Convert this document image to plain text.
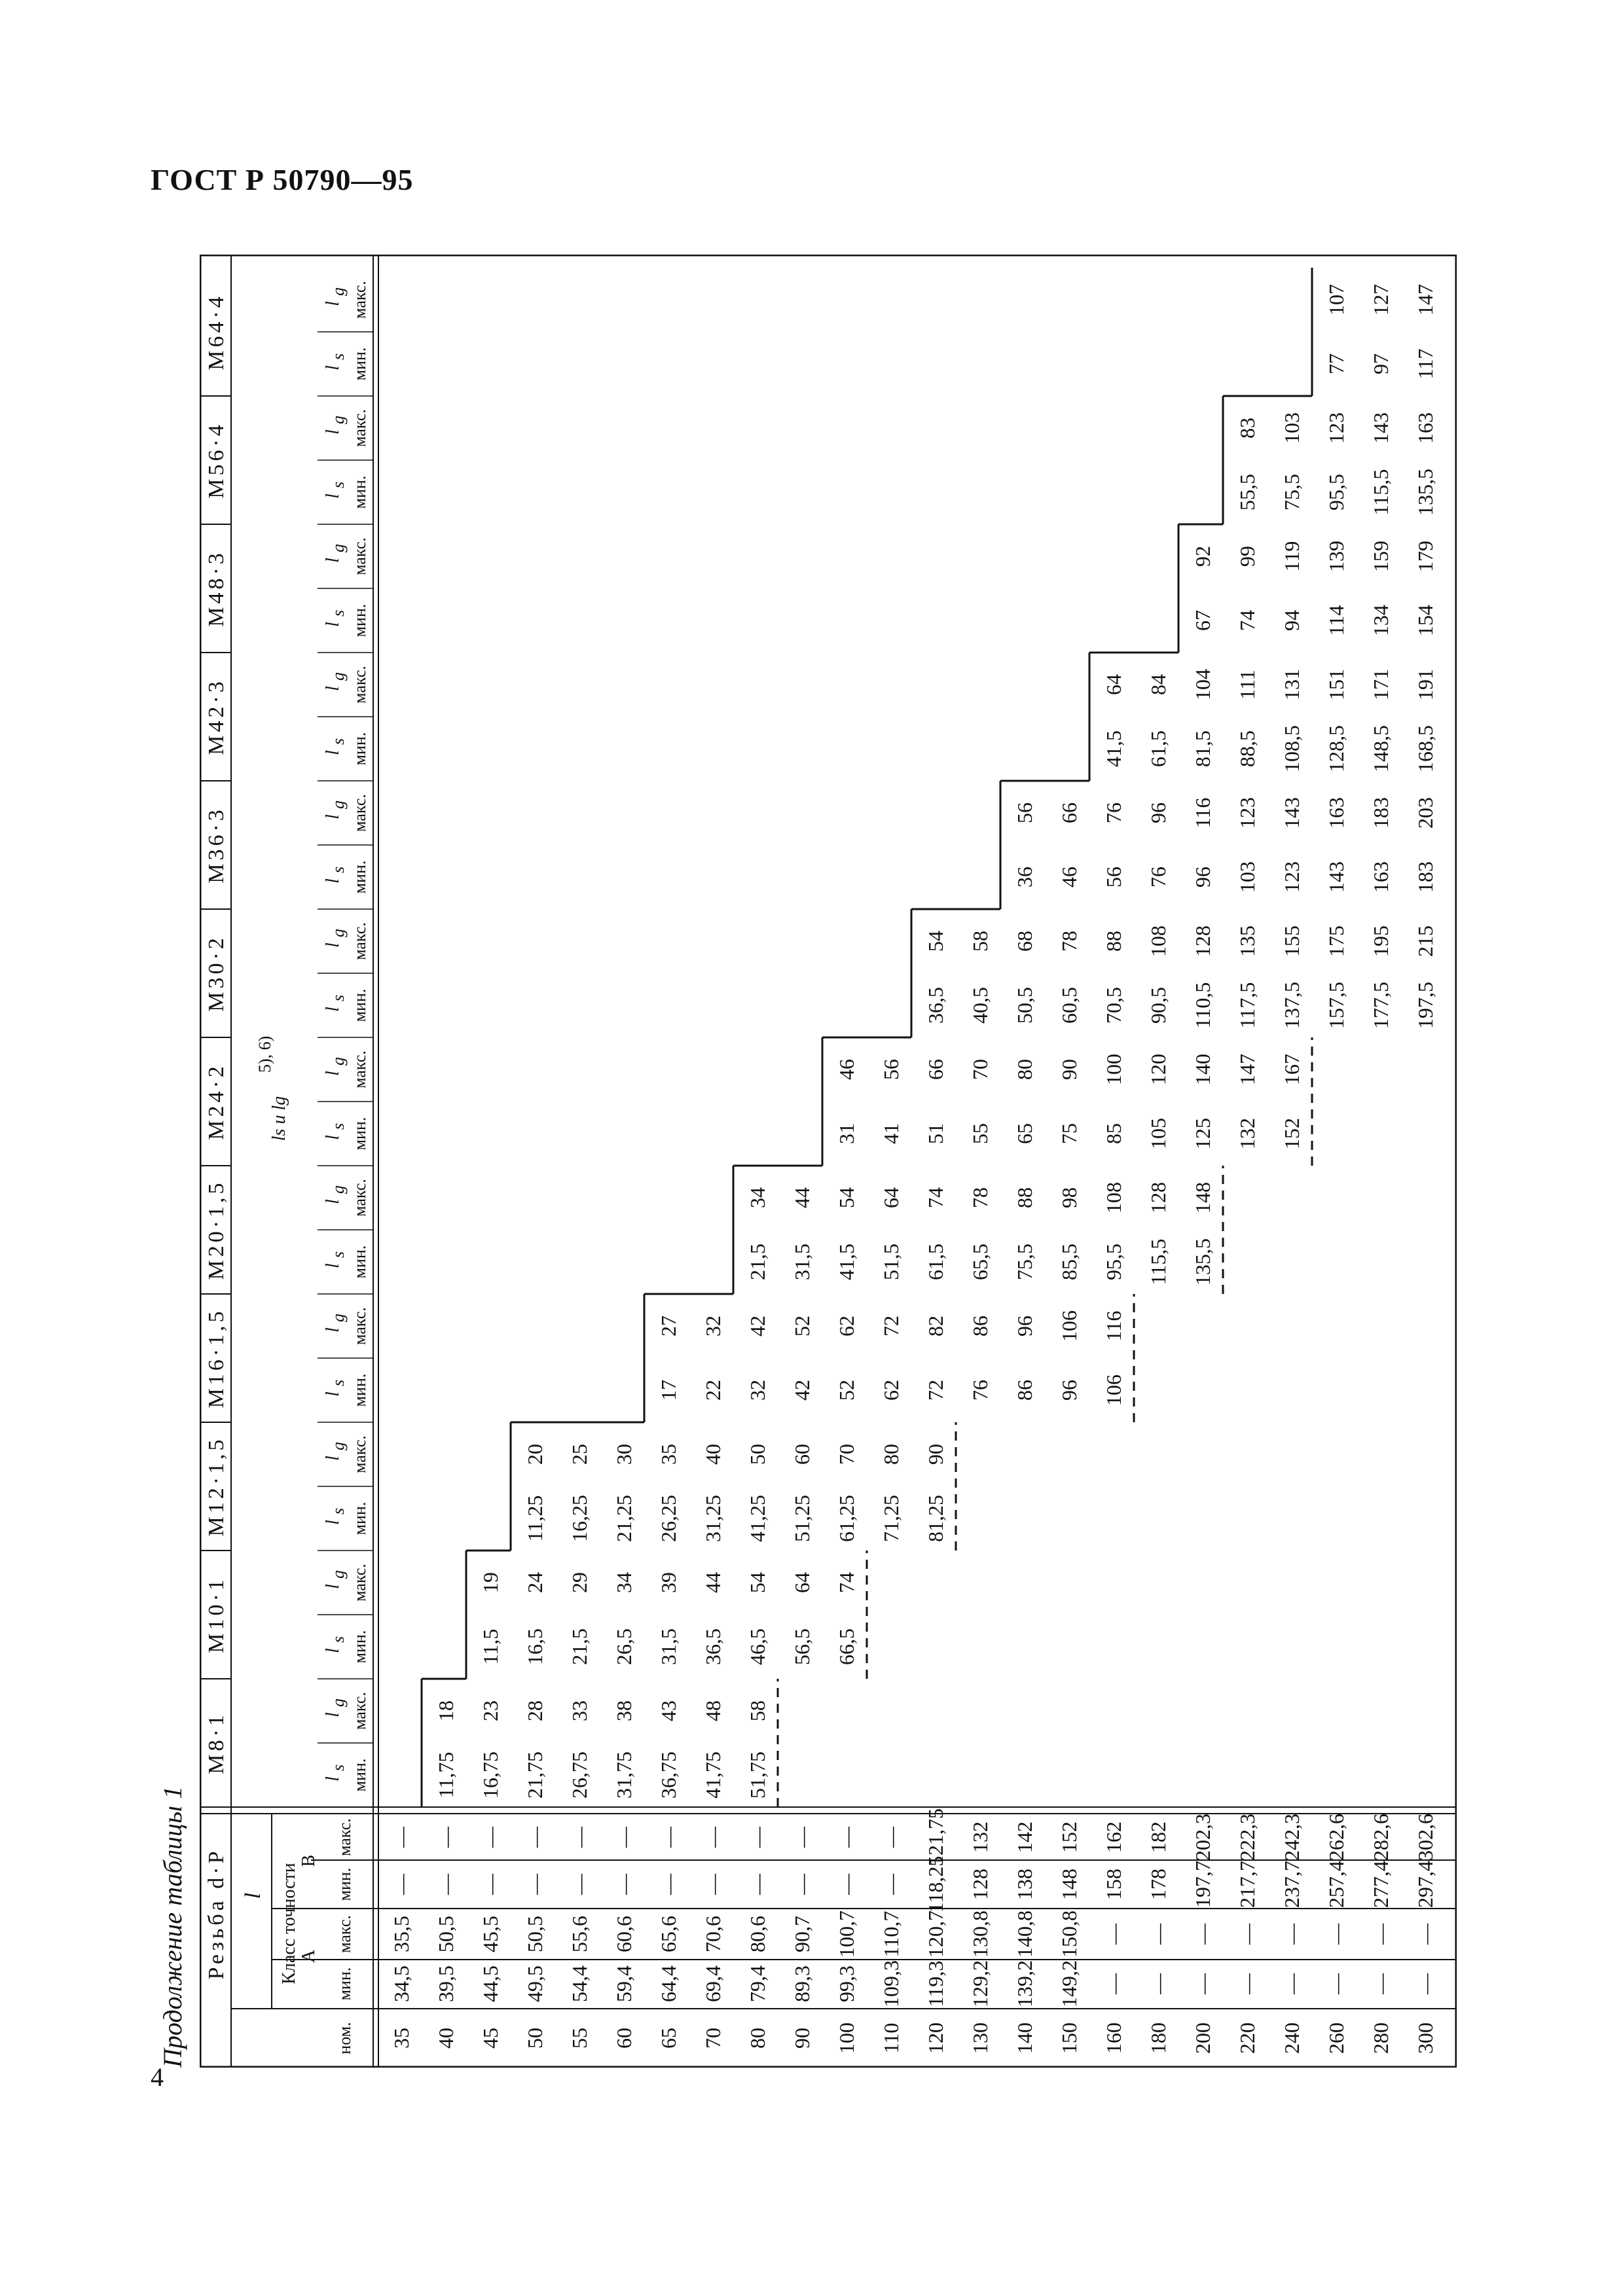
ГОСТ Р 50790—95
Продолжение таблицы 1 Резьба d·P l Класс точности А
В
ном.
мин.
макс.
мин.
макс.
M8·1
M10·1
M12·1,5
M16·1,5
M20·1,5
M24·2
M30·2
M36·3
M42·3
M48·3
M56·4
M64·4
ls и lg
5), 6)
l
s мин.
l
g макс.
l
s мин.
l
g макс.
l
s мин.
l
g макс.
l
s мин.
l
g макс.
l
s мин.
l
g макс.
l
s мин.
l
g макс.
l
s мин.
l
g макс.
l
s мин.
l
g макс.
l
s мин.
l
g макс.
l
s мин.
l
g макс.
l
s мин.
l
g макс.
l
s мин.
l
g макс.
35
34,5
35,5
—
—
40
39,5
50,5
—
—
11,75
18
45
44,5
45,5
—
—
16,75
23
11,5
19
50
49,5
50,5
—
—
21,75
28
16,5
24
11,25
20
55
54,4
55,6
—
—
26,75
33
21,5
29
16,25
25
60
59,4
60,6
—
—
31,75
38
26,5
34
21,25
30
65
64,4
65,6
—
—
36,75
43
31,5
39
26,25
35
17
27
70
69,4
70,6
—
—
41,75
48
36,5
44
31,25
40
22
32
80
79,4
80,6
—
—
51,75
58
46,5
54
41,25
50
32
42
21,5
34
90
89,3
90,7
—
—
56,5
64
51,25
60
42
52
31,5
44
100
99,3
100,7
—
—
66,5
74
61,25
70
52
62
41,5
54
31
46
110
109,3
110,7
—
—
71,25
80
62
72
51,5
64
41
56
120
119,3
120,7
118,25
121,75
81,25
90
72
82
61,5
74
51
66
36,5
54
130
129,2
130,8
128
132
76
86
65,5
78
55
70
40,5
58
140
139,2
140,8
138
142
86
96
75,5
88
65
80
50,5
68
36
56
150
149,2
150,8
148
152
96
106
85,5
98
75
90
60,5
78
46
66
160
—
—
158
162
106
116
95,5
108
85
100
70,5
88
56
76
41,5
64
180
—
—
178
182
115,5
128
105
120
90,5
108
76
96
61,5
84
200
—
—
197,7
202,3
135,5
148
125
140
110,5
128
96
116
81,5
104
67
92
220
—
—
217,7
222,3
132
147
117,5
135
103
123
88,5
111
74
99
55,5
83
240
—
—
237,7
242,3
152
167
137,5
155
123
143
108,5
131
94
119
75,5
103
260
—
—
257,4
262,6
157,5
175
143
163
128,5
151
114
139
95,5
123
77
107
280
—
—
277,4
282,6
177,5
195
163
183
148,5
171
134
159
115,5
143
97
127
300
—
—
297,4
302,6
197,5
215
183
203
168,5
191
154
179
135,5
163
117
147
4
